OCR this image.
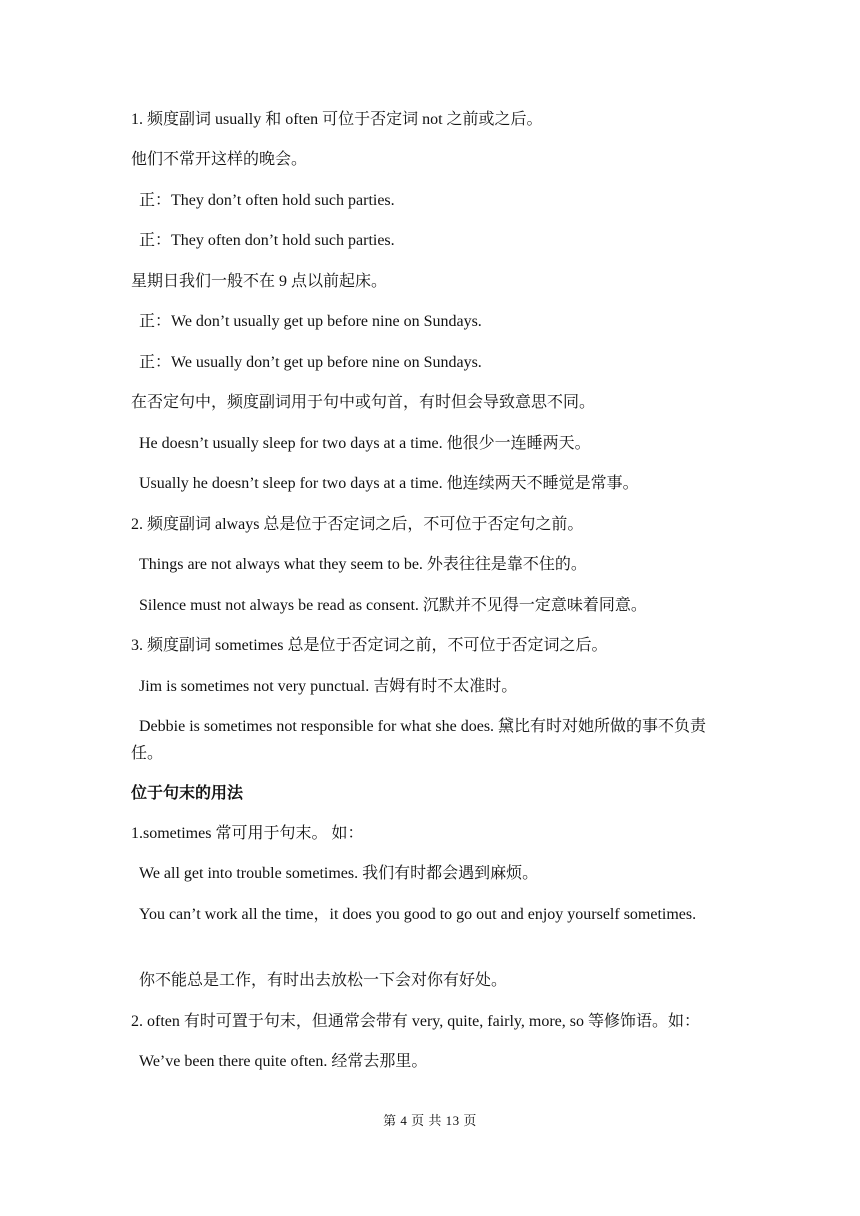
1. 频度副词 usually 和 often 可位于否定词 not 之前或之后。
他们不常开这样的晚会。
正：They don’t often hold such parties.
正：They often don’t hold such parties.
星期日我们一般不在 9 点以前起床。
正：We don’t usually get up before nine on Sundays.
正：We usually don’t get up before nine on Sundays.
在否定句中，频度副词用于句中或句首，有时但会导致意思不同。
He doesn’t usually sleep for two days at a time. 他很少一连睡两天。
Usually he doesn’t sleep for two days at a time. 他连续两天不睡觉是常事。
2. 频度副词 always 总是位于否定词之后，不可位于否定句之前。
Things are not always what they seem to be. 外表往往是靠不住的。
Silence must not always be read as consent. 沉默并不见得一定意味着同意。
3. 频度副词 sometimes 总是位于否定词之前，不可位于否定词之后。
Jim is sometimes not very punctual. 吉姆有时不太准时。
Debbie is sometimes not responsible for what she does. 黛比有时对她所做的事不负责任。
位于句末的用法
1.sometimes 常可用于句末。 如：
We all get into trouble sometimes. 我们有时都会遇到麻烦。
You can’t work all the time，it does you good to go out and enjoy yourself sometimes.
你不能总是工作，有时出去放松一下会对你有好处。
2. often 有时可置于句末，但通常会带有 very, quite, fairly, more, so 等修饰语。如：
We’ve been there quite often. 经常去那里。
第 4 页 共 13 页
